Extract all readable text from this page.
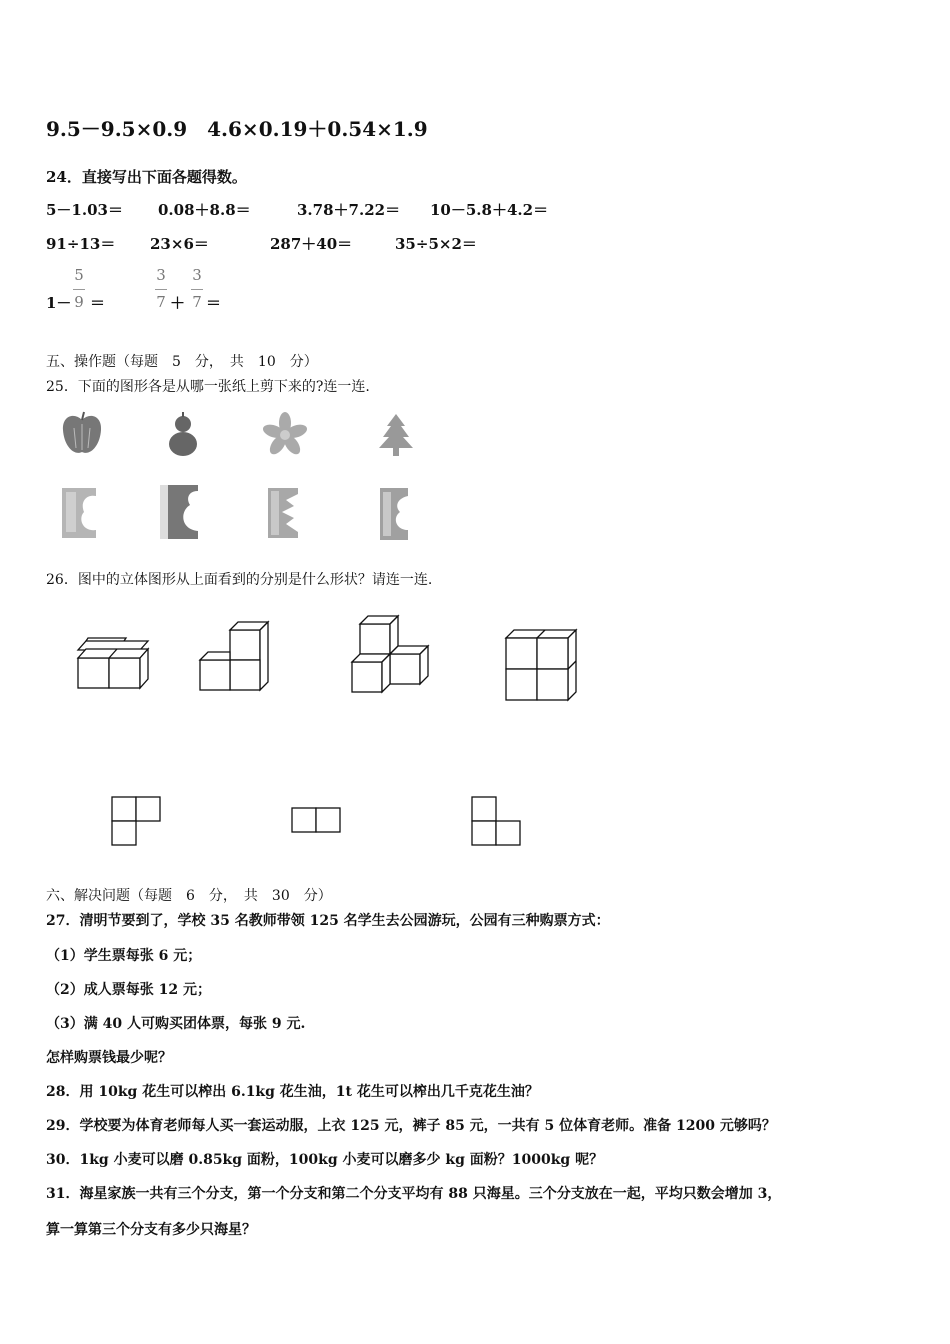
9.5－9.5×0.9　4.6×0.19＋0.54×1.9
24．直接写出下面各题得数。
5－1.03＝ 0.08＋8.8＝	3.78＋7.22＝ 10－5.8＋4.2＝
91÷13＝ 23×6＝	287＋40＝	35÷5×2＝
1－
5
9 ＝
3
7 ＋
3
7 ＝
五、操作题（每题　5　分，　共　10　分）
25．下面的图形各是从哪一张纸上剪下来的?连一连.
26．图中的立体图形从上面看到的分别是什么形状？请连一连.
六、解决问题（每题　6　分，　共　30　分）
27．清明节要到了，学校 35 名教师带领 125 名学生去公园游玩，公园有三种购票方式：
（1）学生票每张 6 元；
（2）成人票每张 12 元；
（3）满 40 人可购买团体票，每张 9 元.
怎样购票钱最少呢？
28．用 10kg 花生可以榨出 6.1kg 花生油，1t 花生可以榨出几千克花生油？
29．学校要为体育老师每人买一套运动服，上衣 125 元，裤子 85 元，一共有 5 位体育老师。准备 1200 元够吗？
30．1kg 小麦可以磨 0.85kg 面粉，100kg 小麦可以磨多少 kg 面粉？1000kg 呢？
31．海星家族一共有三个分支，第一个分支和第二个分支平均有 88 只海星。三个分支放在一起，平均只数会增加 3，
算一算第三个分支有多少只海星？
